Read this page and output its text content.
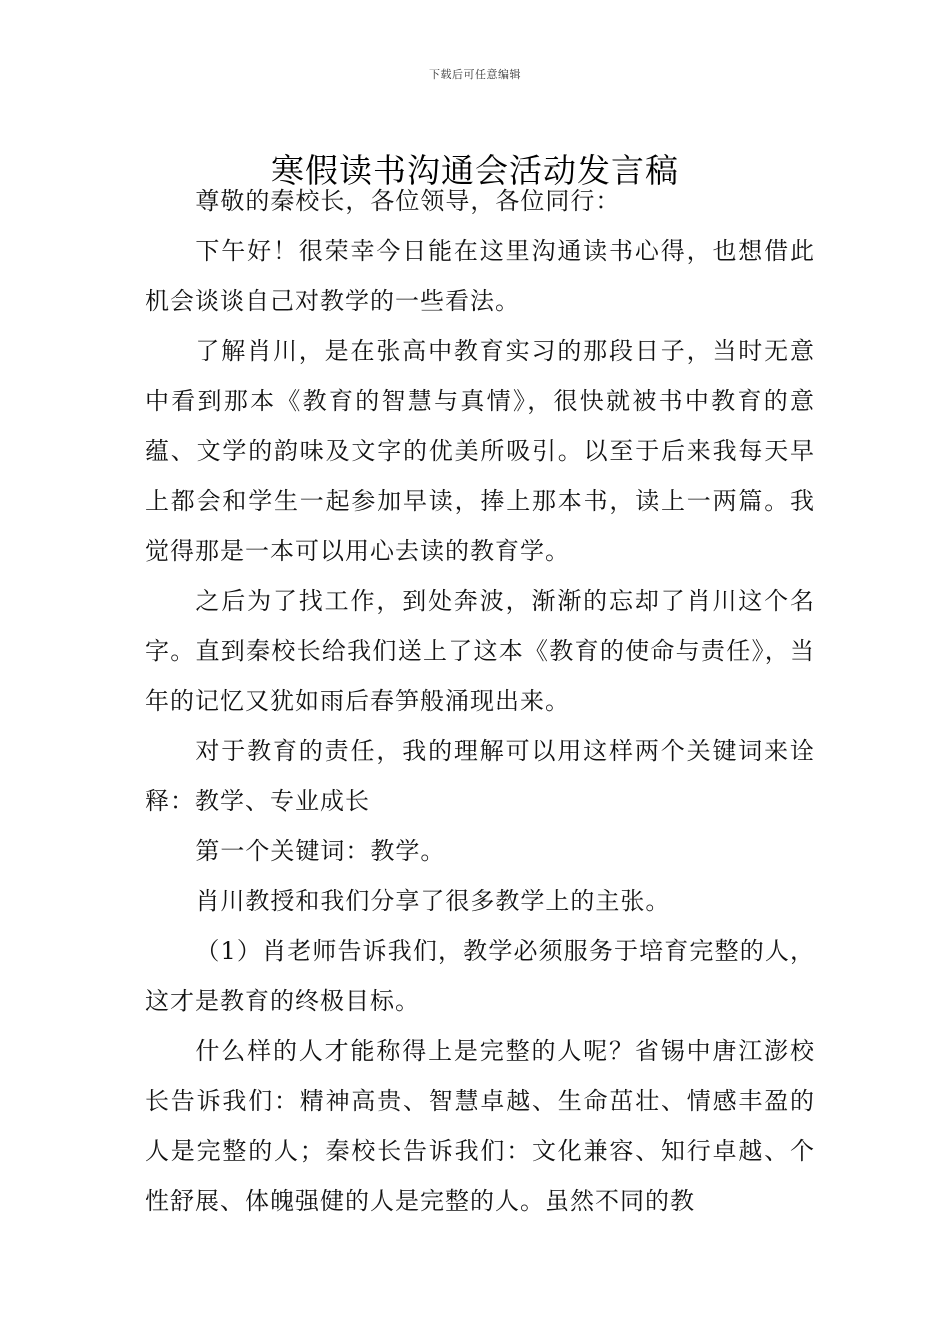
下载后可任意编辑
寒假读书沟通会活动发言稿

尊敬的秦校长，各位领导，各位同行：

下午好！很荣幸今日能在这里沟通读书心得，也想借此机会谈谈自己对教学的一些看法。

了解肖川，是在张高中教育实习的那段日子，当时无意中看到那本《教育的智慧与真情》，很快就被书中教育的意蕴、文学的韵味及文字的优美所吸引。以至于后来我每天早上都会和学生一起参加早读，捧上那本书，读上一两篇。我觉得那是一本可以用心去读的教育学。

之后为了找工作，到处奔波，渐渐的忘却了肖川这个名字。直到秦校长给我们送上了这本《教育的使命与责任》，当年的记忆又犹如雨后春笋般涌现出来。

对于教育的责任，我的理解可以用这样两个关键词来诠释：教学、专业成长

第一个关键词：教学。

肖川教授和我们分享了很多教学上的主张。

（1）肖老师告诉我们，教学必须服务于培育完整的人，这才是教育的终极目标。

什么样的人才能称得上是完整的人呢？省锡中唐江澎校长告诉我们：精神高贵、智慧卓越、生命茁壮、情感丰盈的人是完整的人；秦校长告诉我们：文化兼容、知行卓越、个性舒展、体魄强健的人是完整的人。虽然不同的教
